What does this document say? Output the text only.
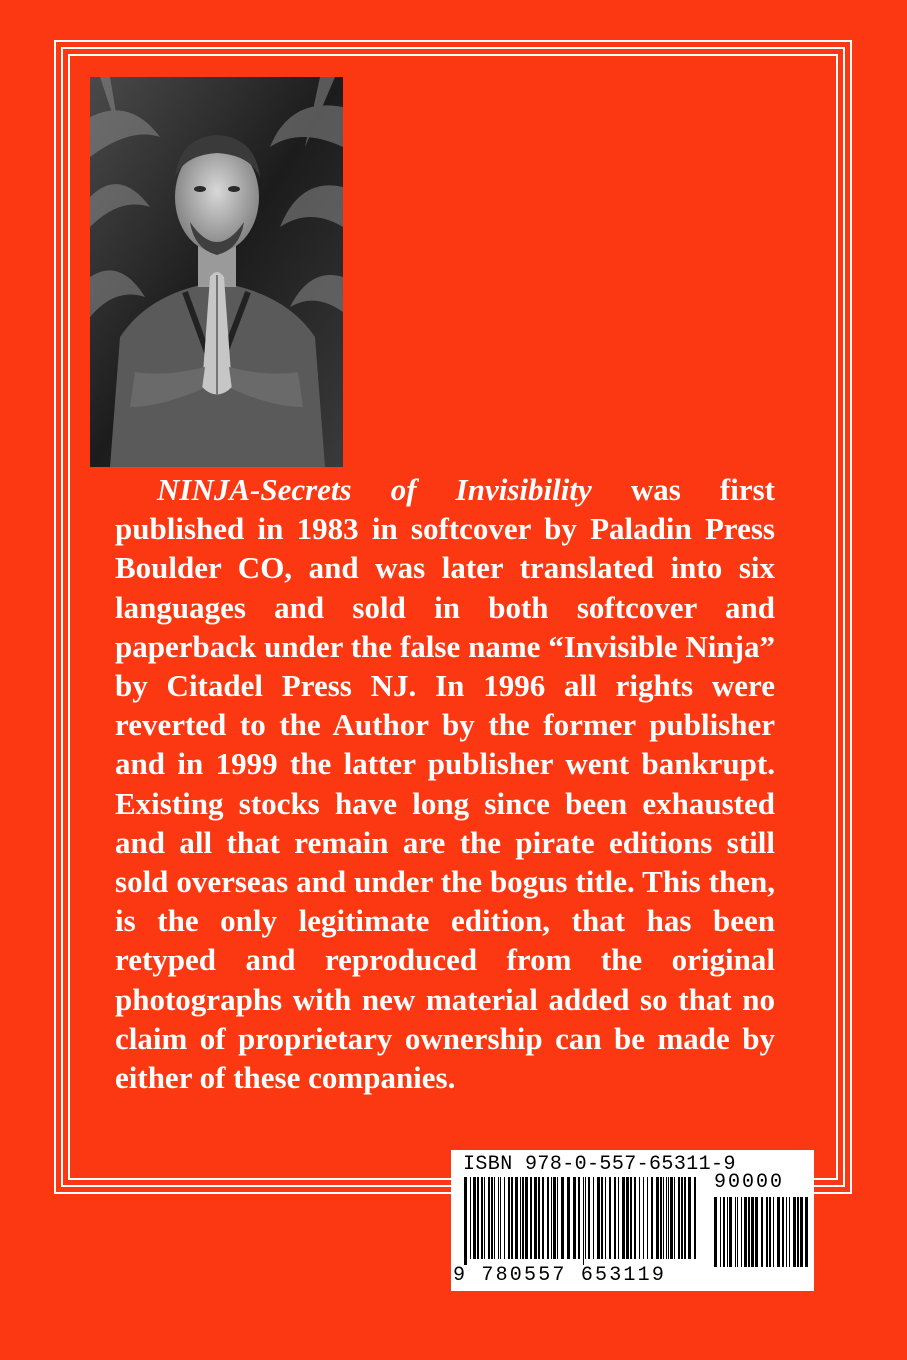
NINJA-Secrets of Invisibility was first published in 1983 in softcover by Paladin Press Boulder CO, and was later translated into six languages and sold in both softcover and paperback under the false name “Invisible Ninja” by Citadel Press NJ. In 1996 all rights were reverted to the Author by the former publisher and in 1999 the latter publisher went bankrupt. Existing stocks have long since been exhausted and all that remain are the pirate editions still sold overseas and under the bogus title. This then, is the only legitimate edition, that has been retyped and reproduced from the original photographs with new material added so that no claim of proprietary ownership can be made by either of these companies.

ISBN 978-0-557-65311-9
90000
9 780557 653119
